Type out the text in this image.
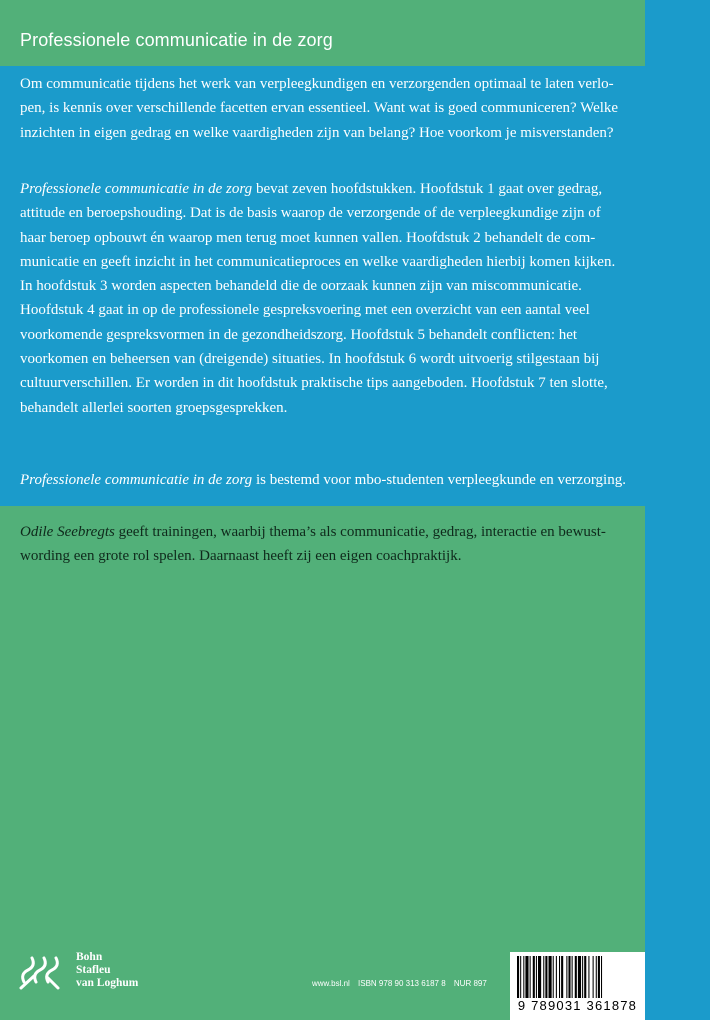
Professionele communicatie in de zorg
Om communicatie tijdens het werk van verpleegkundigen en verzorgenden optimaal te laten verlo-
pen, is kennis over verschillende facetten ervan essentieel. Want wat is goed communiceren? Welke
inzichten in eigen gedrag en welke vaardigheden zijn van belang? Hoe voorkom je misverstanden?
Professionele communicatie in de zorg bevat zeven hoofdstukken. Hoofdstuk 1 gaat over gedrag,
attitude en beroepshouding. Dat is de basis waarop de verzorgende of de verpleegkundige zijn of
haar beroep opbouwt én waarop men terug moet kunnen vallen. Hoofdstuk 2 behandelt de com-
municatie en geeft inzicht in het communicatieproces en welke vaardigheden hierbij komen kijken.
In hoofdstuk 3 worden aspecten behandeld die de oorzaak kunnen zijn van miscommunicatie.
Hoofdstuk 4 gaat in op de professionele gespreksvoering met een overzicht van een aantal veel
voorkomende gespreksvormen in de gezondheidszorg. Hoofdstuk 5 behandelt conflicten: het
voorkomen en beheersen van (dreigende) situaties. In hoofdstuk 6 wordt uitvoerig stilgestaan bij
cultuurverschillen. Er worden in dit hoofdstuk praktische tips aangeboden. Hoofdstuk 7 ten slotte,
behandelt allerlei soorten groepsgesprekken.
Professionele communicatie in de zorg is bestemd voor mbo-studenten verpleegkunde en verzorging.
Odile Seebregts geeft trainingen, waarbij thema’s als communicatie, gedrag, interactie en bewust-
wording een grote rol spelen. Daarnaast heeft zij een eigen coachpraktijk.
Bohn
Stafleu
van Loghum	www.bsl.nl ISBN 978 90 313 6187 8 NUR 897
9 789031 361878
